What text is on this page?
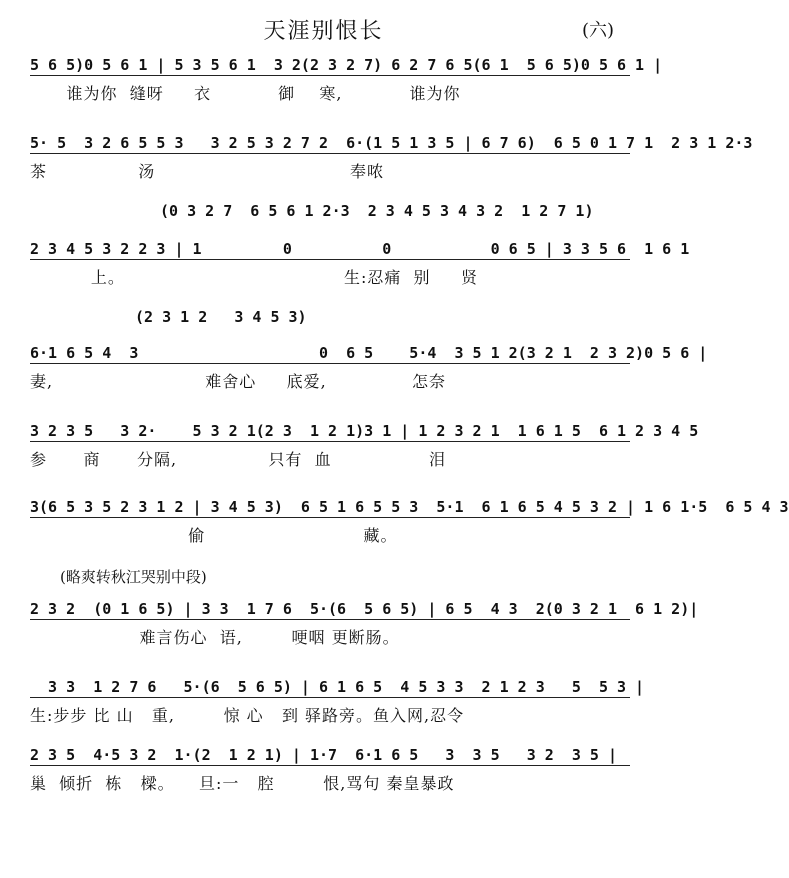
天涯别恨长	(六)
5 6 5)0 5 6 1 | 5 3 5 6 1  3 2(2 3 2 7) 6 2 7 6 5(6 1  5 6 5)0 5 6 1 |
谁为你  缝呀     衣           御    寒,           谁为你
5· 5  3 2 6 5 5 3   3 2 5 3 2 7 2  6·(1 5 1 3 5 | 6 7 6)  6 5 0 1 7 1  2 3 1 2·3
茶               汤                                奉哝
(0 3 2 7  6 5 6 1 2·3  2 3 4 5 3 4 3 2  1 2 7 1)
2 3 4 5 3 2 2 3 | 1         0          0           0 6 5 | 3 3 5 6  1 6 1
上。                                    生:忍痛  别     贤
(2 3 1 2   3 4 5 3)
6·1 6 5 4  3                    0  6 5    5·4  3 5 1 2(3 2 1  2 3 2)0 5 6 |
妻,                         难舍心     底爱,              怎奈
3 2 3 5   3 2·    5 3 2 1(2 3  1 2 1)3 1 | 1 2 3 2 1  1 6 1 5  6 1 2 3 4 5
参      商      分隔,               只有  血                泪
3(6 5 3 5 2 3 1 2 | 3 4 5 3)  6 5 1 6 5 5 3  5·1  6 1 6 5 4 5 3 2 | 1 6 1·5  6 5 4 3
偷                          藏。
(略爽转秋江哭别中段)
2 3 2  (0 1 6 5) | 3 3  1 7 6  5·(6  5 6 5) | 6 5  4 3  2(0 3 2 1  6 1 2)|
难言伤心  语,        哽咽 更断肠。
3 3  1 2 7 6   5·(6  5 6 5) | 6 1 6 5  4 5 3 3  2 1 2 3   5  5 3 |
生:步步 比 山   重,        惊 心   到 驿路旁。鱼入网,忍令
2 3 5  4·5 3 2  1·(2  1 2 1) | 1·7  6·1 6 5   3  3 5   3 2  3 5 |
巢  倾折  栋   樑。    旦:一   腔        恨,骂句 秦皇暴政
